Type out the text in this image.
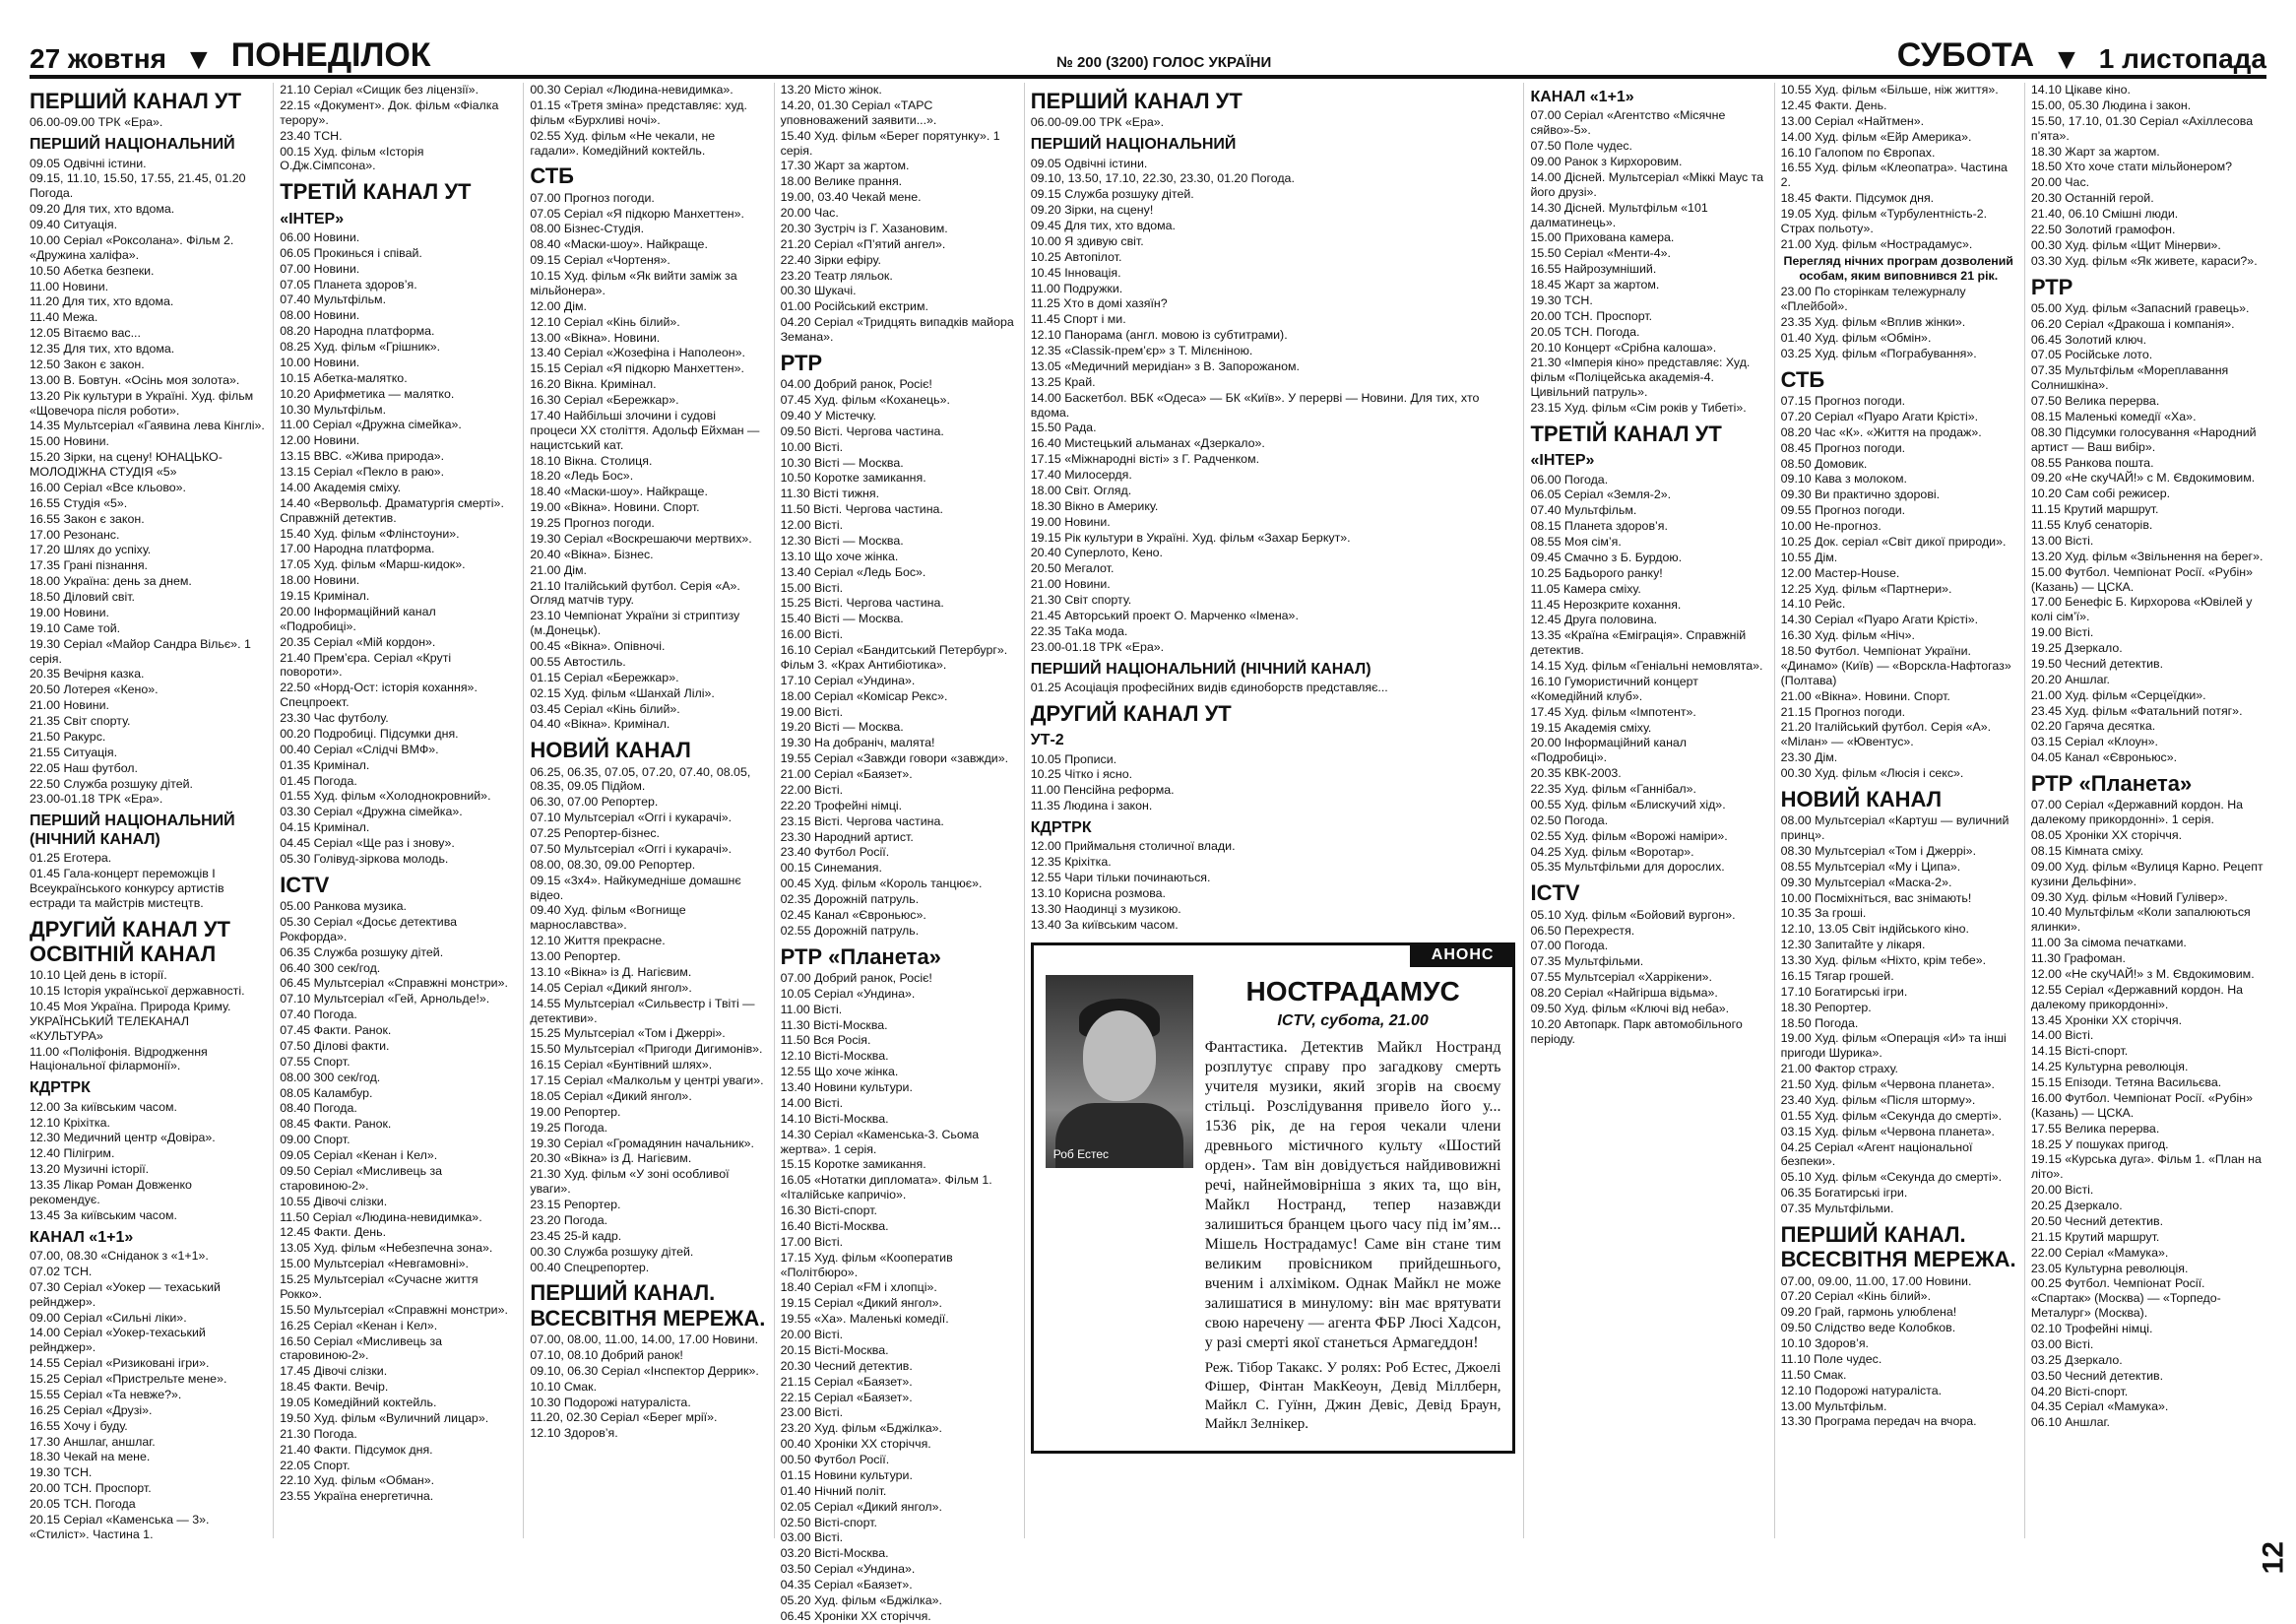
27 жовтня ▼ ПОНЕДІЛОК	№ 200 (3200) ГОЛОС УКРАЇНИ	СУБОТА ▼ 1 листопада
ПЕРШИЙ КАНАЛ УТ
06.00-09.00 ТРК «Ера».
ПЕРШИЙ НАЦІОНАЛЬНИЙ
09.05 Одвічні істини.
09.15, 11.10, 15.50, 17.55, 21.45, 01.20 Погода.
09.20 Для тих, хто вдома.
09.40 Ситуація.
10.00 Серіал «Роксолана». Фільм 2. «Дружина халіфа».
10.50 Абетка безпеки.
11.00 Новини.
11.20 Для тих, хто вдома.
11.40 Межа.
12.05 Вітаємо вас...
12.35 Для тих, хто вдома.
12.50 Закон є закон.
13.00 В. Бовтун. «Осінь моя золота».
13.20 Рік культури в Україні. Худ. фільм «Щовечора після роботи».
14.35 Мультсеріал «Гаявина лева Кінглі».
15.00 Новини.
15.20 Зірки, на сцену! ЮНАЦЬКО-МОЛОДІЖНА СТУДІЯ «5»
16.00 Серіал «Все кльово».
16.55 Студія «5».
16.55 Закон є закон.
17.00 Резонанс.
17.20 Шлях до успіху.
17.35 Грані пізнання.
18.00 Україна: день за днем.
18.50 Діловий світ.
19.00 Новини.
19.10 Саме той.
19.30 Серіал «Майор Сандра Вільє». 1 серія.
20.35 Вечірня казка.
20.50 Лотерея «Кено».
21.00 Новини.
21.35 Світ спорту.
21.50 Ракурс.
21.55 Ситуація.
22.05 Наш футбол.
22.50 Служба розшуку дітей.
23.00-01.18 ТРК «Ера».
ПЕРШИЙ НАЦІОНАЛЬНИЙ (НІЧНИЙ КАНАЛ)
01.25 Еготера.
01.45 Гала-концерт переможців І Всеукраїнського конкурсу артистів естради та майстрів мистецтв.
ДРУГИЙ КАНАЛ УТ ОСВІТНІЙ КАНАЛ
10.10 Цей день в історії.
10.15 Історія української державності.
10.45 Моя Україна. Природа Криму. УКРАЇНСЬКИЙ ТЕЛЕКАНАЛ «КУЛЬТУРА»
11.00 «Поліфонія. Відродження Національної філармонії».
КДРТРК
12.00 За київським часом.
12.10 Кріхітка.
12.30 Медичний центр «Довіра».
12.40 Пілігрим.
13.20 Музичні історії.
13.35 Лікар Роман Довженко рекомендує.
13.45 За київським часом.
КАНАЛ «1+1»
07.00, 08.30 «Сніданок з «1+1».
07.02 ТСН.
07.30 Серіал «Уокер — техаський рейнджер».
09.00 Серіал «Сильні ліки».
14.00 Серіал «Уокер-техаський рейнджер».
14.55 Серіал «Ризиковані ігри».
15.25 Серіал «Пристрельте мене».
15.55 Серіал «Та невже?».
16.25 Серіал «Друзі».
16.55 Хочу і буду.
17.30 Аншлаг, аншлаг.
18.30 Чекай на мене.
19.30 ТСН.
20.00 ТСН. Проспорт.
20.05 ТСН. Погода
20.15 Серіал «Каменська — 3». «Стиліст». Частина 1.
21.10 Серіал «Сищик без ліцензії».
22.15 «Документ». Док. фільм «Фіалка терору».
23.40 ТСН.
00.15 Худ. фільм «Історія О.Дж.Сімпсона».
ТРЕТІЙ КАНАЛ УТ
«ІНТЕР»
06.00 Новини.
06.05 Прокинься і співай.
07.00 Новини.
07.05 Планета здоров’я.
07.40 Мультфільм.
08.00 Новини.
08.20 Народна платформа.
08.25 Худ. фільм «Грішник».
10.00 Новини.
10.15 Абетка-малятко.
10.20 Арифметика — малятко.
10.30 Мультфільм.
11.00 Серіал «Дружна сімейка».
12.00 Новини.
13.15 ВВС. «Жива природа».
13.15 Серіал «Пекло в раю».
14.00 Академія сміху.
14.40 «Вервольф. Драматургія смерті». Справжній детектив.
15.40 Худ. фільм «Флінстоуни».
17.00 Народна платформа.
17.05 Худ. фільм «Марш-кидок».
18.00 Новини.
19.15 Кримінал.
20.00 Інформаційний канал «Подробиці».
20.35 Серіал «Мій кордон».
21.40 Прем’єра. Серіал «Круті повороти».
22.50 «Норд-Ост: історія кохання». Спецпроект.
23.30 Час футболу.
00.20 Подробиці. Підсумки дня.
00.40 Серіал «Слідчі ВМФ».
01.35 Кримінал.
01.45 Погода.
01.55 Худ. фільм «Холоднокровний».
03.30 Серіал «Дружна сімейка».
04.15 Кримінал.
04.45 Серіал «Ще раз і знову».
05.30 Голівуд-зіркова молодь.
ICTV
05.00 Ранкова музика.
05.30 Серіал «Досьє детектива Рокфорда».
06.35 Служба розшуку дітей.
06.40 300 сек/год.
06.45 Мультсеріал «Справжні монстри».
07.10 Мультсеріал «Гей, Арнольде!».
07.40 Погода.
07.45 Факти. Ранок.
07.50 Ділові факти.
07.55 Спорт.
08.00 300 сек/год.
08.05 Каламбур.
08.40 Погода.
08.45 Факти. Ранок.
09.00 Спорт.
09.05 Серіал «Кенан і Кел».
09.50 Серіал «Мисливець за старовиною-2».
10.55 Дівочі слізки.
11.50 Серіал «Людина-невидимка».
12.45 Факти. День.
13.05 Худ. фільм «Небезпечна зона».
15.00 Мультсеріал «Невгамовні».
15.25 Мультсеріал «Сучасне життя Рокко».
15.50 Мультсеріал «Справжні монстри».
16.25 Серіал «Кенан і Кел».
16.50 Серіал «Мисливець за старовиною-2».
17.45 Дівочі слізки.
18.45 Факти. Вечір.
19.05 Комедійний коктейль.
19.50 Худ. фільм «Вуличний лицар».
21.30 Погода.
21.40 Факти. Підсумок дня.
22.05 Спорт.
22.10 Худ. фільм «Обман».
23.55 Україна енергетична.
00.30 Серіал «Людина-невидимка».
01.15 «Третя зміна» представляє: худ. фільм «Бурхливі ночі».
02.55 Худ. фільм «Не чекали, не гадали». Комедійний коктейль.
СТБ
07.00 Прогноз погоди.
07.05 Серіал «Я підкорю Манхеттен».
08.00 Бізнес-Студія.
08.40 «Маски-шоу». Найкраще.
09.15 Серіал «Чортеня».
10.15 Худ. фільм «Як вийти заміж за мільйонера».
12.00 Дім.
12.10 Серіал «Кінь білий».
13.00 «Вікна». Новини.
13.40 Серіал «Жозефіна і Наполеон».
15.15 Серіал «Я підкорю Манхеттен».
16.20 Вікна. Кримінал.
16.30 Серіал «Бережкар».
17.40 Найбільші злочини і судові процеси ХХ століття. Адольф Ейхман — нацистський кат.
18.10 Вікна. Столиця.
18.20 «Ледь Бос».
18.40 «Маски-шоу». Найкраще.
19.00 «Вікна». Новини. Спорт.
19.25 Прогноз погоди.
19.30 Серіал «Воскрешаючи мертвих».
20.40 «Вікна». Бізнес.
21.00 Дім.
21.10 Італійський футбол. Серія «А». Огляд матчів туру.
23.10 Чемпіонат України зі стриптизу (м.Донецьк).
00.45 «Вікна». Опівночі.
00.55 Автостиль.
01.15 Серіал «Бережкар».
02.15 Худ. фільм «Шанхай Лілі».
03.45 Серіал «Кінь білий».
04.40 «Вікна». Кримінал.
НОВИЙ КАНАЛ
06.25, 06.35, 07.05, 07.20, 07.40, 08.05, 08.35, 09.05 Підйом.
06.30, 07.00 Репортер.
07.10 Мультсеріал «Оггі і кукарачі».
07.25 Репортер-бізнес.
07.50 Мультсеріал «Оггі і кукарачі».
08.00, 08.30, 09.00 Репортер.
09.15 «3х4». Найкумедніше домашнє відео.
09.40 Худ. фільм «Вогнище марнославства».
12.10 Життя прекрасне.
13.00 Репортер.
13.10 «Вікна» із Д. Нагієвим.
14.05 Серіал «Дикий янгол».
14.55 Мультсеріал «Сильвестр і Твіті — детективи».
15.25 Мультсеріал «Том і Джеррі».
15.50 Мультсеріал «Пригоди Дигимонів».
16.15 Серіал «Бунтівний шлях».
17.15 Серіал «Малкольм у центрі уваги».
18.05 Серіал «Дикий янгол».
19.00 Репортер.
19.25 Погода.
19.30 Серіал «Громадянин начальник».
20.30 «Вікна» із Д. Нагієвим.
21.30 Худ. фільм «У зоні особливої уваги».
23.15 Репортер.
23.20 Погода.
23.45 25-й кадр.
00.30 Служба розшуку дітей.
00.40 Спецрепортер.
ПЕРШИЙ КАНАЛ. ВСЕСВІТНЯ МЕРЕЖА.
07.00, 08.00, 11.00, 14.00, 17.00 Новини.
07.10, 08.10 Добрий ранок!
09.10, 06.30 Серіал «Інспектор Деррик».
10.10 Смак.
10.30 Подорожі натураліста.
11.20, 02.30 Серіал «Берег мрії».
12.10 Здоров’я.
13.20 Місто жінок.
14.20, 01.30 Серіал «ТАРС уповноважений заявити...».
15.40 Худ. фільм «Берег порятунку». 1 серія.
17.30 Жарт за жартом.
18.00 Велике прання.
19.00, 03.40 Чекай мене.
20.00 Час.
20.30 Зустріч із Г. Хазановим.
21.20 Серіал «П’ятий ангел».
22.40 Зірки ефіру.
23.20 Театр ляльок.
00.30 Шукачі.
01.00 Російський екстрим.
04.20 Серіал «Тридцять випадків майора Земана».
РТР
04.00 Добрий ранок, Росіє!
07.45 Худ. фільм «Коханець».
09.40 У Містечку.
09.50 Вісті. Чергова частина.
10.00 Вісті.
10.30 Вісті — Москва.
10.50 Коротке замикання.
11.30 Вісті тижня.
11.50 Вісті. Чергова частина.
12.00 Вісті.
12.30 Вісті — Москва.
13.10 Що хоче жінка.
13.40 Серіал «Ледь Бос».
15.00 Вісті.
15.25 Вісті. Чергова частина.
15.40 Вісті — Москва.
16.00 Вісті.
16.10 Серіал «Бандитський Петербург». Фільм 3. «Крах Антибіотика».
17.10 Серіал «Ундина».
18.00 Серіал «Комісар Рекс».
19.00 Вісті.
19.20 Вісті — Москва.
19.30 На добраніч, малята!
19.55 Серіал «Завжди говори «завжди».
21.00 Серіал «Баязет».
22.00 Вісті.
22.20 Трофейні німці.
23.15 Вісті. Чергова частина.
23.30 Народний артист.
23.40 Футбол Росії.
00.15 Синемания.
00.45 Худ. фільм «Король танцює».
02.35 Дорожній патруль.
02.45 Канал «Євроньюс».
02.55 Дорожній патруль.
РТР «Планета»
07.00 Добрий ранок, Росіє!
10.05 Серіал «Ундина».
11.00 Вісті.
11.30 Вісті-Москва.
11.50 Вся Росія.
12.10 Вісті-Москва.
12.55 Що хоче жінка.
13.40 Новини культури.
14.00 Вісті.
14.10 Вісті-Москва.
14.30 Серіал «Каменська-3. Сьома жертва». 1 серія.
15.15 Коротке замикання.
16.05 «Нотатки дипломата». Фільм 1. «Італійське капричіо».
16.30 Вісті-спорт.
16.40 Вісті-Москва.
17.00 Вісті.
17.15 Худ. фільм «Кооператив «Політбюро».
18.40 Серіал «FM і хлопці».
19.15 Серіал «Дикий янгол».
19.55 «Ха». Маленькі комедії.
20.00 Вісті.
20.15 Вісті-Москва.
20.30 Чесний детектив.
21.15 Серіал «Баязет».
22.15 Серіал «Баязет».
23.00 Вісті.
23.20 Худ. фільм «Бджілка».
00.40 Хроніки ХХ сторіччя.
00.50 Футбол Росії.
01.15 Новини культури.
01.40 Нічний політ.
02.05 Серіал «Дикий янгол».
02.50 Вісті-спорт.
03.00 Вісті.
03.20 Вісті-Москва.
03.50 Серіал «Ундина».
04.35 Серіал «Баязет».
05.20 Худ. фільм «Бджілка».
06.45 Хроніки ХХ сторіччя.
ПЕРШИЙ КАНАЛ УТ
06.00-09.00 ТРК «Ера».
ПЕРШИЙ НАЦІОНАЛЬНИЙ
09.05 Одвічні істини.
09.10, 13.50, 17.10, 22.30, 23.30, 01.20 Погода.
09.15 Служба розшуку дітей.
09.20 Зірки, на сцену!
09.45 Для тих, хто вдома.
10.00 Я здивую світ.
10.25 Автопілот.
10.45 Інновація.
11.00 Подружки.
11.25 Хто в домі хазяїн?
11.45 Спорт і ми.
12.10 Панорама (англ. мовою із субтитрами).
12.35 «Classik-прем’єр» з Т. Мілєніною.
13.05 «Медичний меридіан» з В. Запорожаном.
13.25 Край.
14.00 Баскетбол. ВБК «Одеса» — БК «Київ». У перерві — Новини. Для тих, хто вдома.
15.50 Рада.
16.40 Мистецький альманах «Дзеркало».
17.15 «Міжнародні вісті» з Г. Радченком.
17.40 Милосердя.
18.00 Світ. Огляд.
18.30 Вікно в Америку.
19.00 Новини.
19.15 Рік культури в Україні. Худ. фільм «Захар Беркут».
20.40 Суперлото, Кено.
20.50 Мегалот.
21.00 Новини.
21.30 Світ спорту.
21.45 Авторський проект О. Марченко «Імена».
22.35 ТаКа мода.
23.00-01.18 ТРК «Ера».
ПЕРШИЙ НАЦІОНАЛЬНИЙ (НІЧНИЙ КАНАЛ)
01.25 Асоціація професійних видів єдиноборств представляє...
ДРУГИЙ КАНАЛ УТ
УТ-2
10.05 Прописи.
10.25 Чітко і ясно.
11.00 Пенсійна реформа.
11.35 Людина і закон.
КДРТРК
12.00 Приймальня столичної влади.
12.35 Кріхітка.
12.55 Чари тільки починаються.
13.10 Корисна розмова.
13.30 Наодинці з музикою.
13.40 За київським часом.
АНОНС
Роб Естес
НОСТРАДАМУС
ICTV, субота, 21.00

Фантастика. Детектив Майкл Ностранд розплутує справу про загадкову смерть учителя музики, який згорів на своєму стільці. Розслідування привело його у... 1536 рік, де на героя чекали члени древнього містичного культу «Шостий орден». Там він довідується найдивовижні речі, найнеймовірніша з яких та, що він, Майкл Ностранд, тепер назавжди залишиться бранцем цього часу під ім’ям... Мішель Нострадамус! Саме він стане тим великим провісником прийдешнього, вченим і алхіміком. Однак Майкл не може залишатися в минулому: він має врятувати свою наречену — агента ФБР Люсі Хадсон, у разі смерті якої станеться Армагеддон!

Реж. Тібор Такакс. У ролях: Роб Естес, Джоелі Фішер, Фінтан МакКеоун, Девід Міллберн, Майкл С. Гуїнн, Джин Девіс, Девід Браун, Майкл Зелнікер.

КАНАЛ «1+1»
07.00 Серіал «Агентство «Місячне сяйво»-5».
07.50 Поле чудес.
09.00 Ранок з Кирхоровим.
14.00 Дісней. Мультсеріал «Міккі Маус та його друзі».
14.30 Дісней. Мультфільм «101 далматинець».
15.00 Прихована камера.
15.50 Серіал «Менти-4».
16.55 Найрозумніший.
18.45 Жарт за жартом.
19.30 ТСН.
20.00 ТСН. Проспорт.
20.05 ТСН. Погода.
20.10 Концерт «Срібна калоша».
21.30 «Імперія кіно» представляє: Худ. фільм «Поліцейська академія-4. Цивільний патруль».
23.15 Худ. фільм «Сім років у Тибеті».
ТРЕТІЙ КАНАЛ УТ
«ІНТЕР»
06.00 Погода.
06.05 Серіал «Земля-2».
07.40 Мультфільм.
08.15 Планета здоров’я.
08.55 Моя сім’я.
09.45 Смачно з Б. Бурдою.
10.25 Бадьорого ранку!
11.05 Камера сміху.
11.45 Нерозкрите кохання.
12.45 Друга половина.
13.35 «Країна «Еміграція». Справжній детектив.
14.15 Худ. фільм «Геніальні немовлята».
16.10 Гумористичний концерт «Комедійний клуб».
17.45 Худ. фільм «Імпотент».
19.15 Академія сміху.
20.00 Інформаційний канал «Подробиці».
20.35 КВК-2003.
22.35 Худ. фільм «Ганнібал».
00.55 Худ. фільм «Блискучий хід».
02.50 Погода.
02.55 Худ. фільм «Ворожі наміри».
04.25 Худ. фільм «Воротар».
05.35 Мультфільми для дорослих.
ICTV
05.10 Худ. фільм «Бойовий вургон».
06.50 Перехрестя.
07.00 Погода.
07.35 Мультфільми.
07.55 Мультсеріал «Харрікени».
08.20 Серіал «Найгірша відьма».
09.50 Худ. фільм «Ключі від неба».
10.20 Автопарк. Парк автомобільного періоду.
10.55 Худ. фільм «Більше, ніж життя».
12.45 Факти. День.
13.00 Серіал «Найтмен».
14.00 Худ. фільм «Ейр Америка».
16.10 Галопом по Європах.
16.55 Худ. фільм «Клеопатра». Частина 2.
18.45 Факти. Підсумок дня.
19.05 Худ. фільм «Турбулентність-2. Страх польоту».
21.00 Худ. фільм «Нострадамус».
Перегляд нічних програм дозволений особам, яким виповнився 21 рік.
23.00 По сторінкам тележурналу «Плейбой».
23.35 Худ. фільм «Вплив жінки».
01.40 Худ. фільм «Обмін».
03.25 Худ. фільм «Пограбування».
СТБ
07.15 Прогноз погоди.
07.20 Серіал «Пуаро Агати Крісті».
08.20 Час «К». «Життя на продаж».
08.45 Прогноз погоди.
08.50 Домовик.
09.10 Кава з молоком.
09.30 Ви практично здорові.
09.55 Прогноз погоди.
10.00 Не-прогноз.
10.25 Док. серіал «Світ дикої природи».
10.55 Дім.
12.00 Мастер-House.
12.25 Худ. фільм «Партнери».
14.10 Рейс.
14.30 Серіал «Пуаро Агати Крісті».
16.30 Худ. фільм «Ніч».
18.50 Футбол. Чемпіонат України. «Динамо» (Київ) — «Ворскла-Нафтогаз» (Полтава)
21.00 «Вікна». Новини. Спорт.
21.15 Прогноз погоди.
21.20 Італійський футбол. Серія «А». «Мілан» — «Ювентус».
23.30 Дім.
00.30 Худ. фільм «Люсія і секс».
НОВИЙ КАНАЛ
08.00 Мультсеріал «Картуш — вуличний принц».
08.30 Мультсеріал «Том і Джеррі».
08.55 Мультсеріал «Му і Ципа».
09.30 Мультсеріал «Маска-2».
10.00 Посміхніться, вас знімають!
10.35 За гроші.
12.10, 13.05 Світ індійського кіно.
12.30 Запитайте у лікаря.
13.30 Худ. фільм «Ніхто, крім тебе».
16.15 Тягар грошей.
17.10 Богатирські ігри.
18.30 Репортер.
18.50 Погода.
19.00 Худ. фільм «Операція «И» та інші пригоди Шурика».
21.00 Фактор страху.
21.50 Худ. фільм «Червона планета».
23.40 Худ. фільм «Після шторму».
01.55 Худ. фільм «Секунда до смерті».
03.15 Худ. фільм «Червона планета».
04.25 Серіал «Агент національної безпеки».
05.10 Худ. фільм «Секунда до смерті».
06.35 Богатирські ігри.
07.35 Мультфільми.
ПЕРШИЙ КАНАЛ. ВСЕСВІТНЯ МЕРЕЖА.
07.00, 09.00, 11.00, 17.00 Новини.
07.20 Серіал «Кінь білий».
09.20 Грай, гармонь улюблена!
09.50 Слідство веде Колобков.
10.10 Здоров’я.
11.10 Поле чудес.
11.50 Смак.
12.10 Подорожі натураліста.
13.00 Мультфільм.
13.30 Програма передач на вчора.
14.10 Цікаве кіно.
15.00, 05.30 Людина і закон.
15.50, 17.10, 01.30 Серіал «Ахіллесова п’ята».
18.30 Жарт за жартом.
18.50 Хто хоче стати мільйонером?
20.00 Час.
20.30 Останній герой.
21.40, 06.10 Смішні люди.
22.50 Золотий грамофон.
00.30 Худ. фільм «Щит Мінерви».
03.30 Худ. фільм «Як живете, караси?».
РТР
05.00 Худ. фільм «Запасний гравець».
06.20 Серіал «Дракоша і компанія».
06.45 Золотий ключ.
07.05 Російське лото.
07.35 Мультфільм «Мореплавання Солнишкіна».
07.50 Велика перерва.
08.15 Маленькі комедії «Ха».
08.30 Підсумки голосування «Народний артист — Ваш вибір».
08.55 Ранкова пошта.
09.20 «Не скуЧАЙ!» с М. Євдокимовим.
10.20 Сам собі режисер.
11.15 Крутий маршрут.
11.55 Клуб сенаторів.
13.00 Вісті.
13.20 Худ. фільм «Звільнення на берег».
15.00 Футбол. Чемпіонат Росії. «Рубін» (Казань) — ЦСКА.
17.00 Бенефіс Б. Кирхорова «Ювілей у колі сім’ї».
19.00 Вісті.
19.25 Дзеркало.
19.50 Чесний детектив.
20.20 Аншлаг.
21.00 Худ. фільм «Серцеїдки».
23.45 Худ. фільм «Фатальний потяг».
02.20 Гаряча десятка.
03.15 Серіал «Клоун».
04.05 Канал «Євроньюс».
РТР «Планета»
07.00 Серіал «Державний кордон. На далекому прикордонні». 1 серія.
08.05 Хроніки ХХ сторіччя.
08.15 Кімната сміху.
09.00 Худ. фільм «Вулиця Карно. Рецепт кузини Дельфіни».
09.30 Худ. фільм «Новий Гулівер».
10.40 Мультфільм «Коли запалюються ялинки».
11.00 За сімома печатками.
11.30 Графоман.
12.00 «Не скуЧАЙ!» з М. Євдокимовим.
12.55 Серіал «Державний кордон. На далекому прикордонні».
13.45 Хроніки ХХ сторіччя.
14.00 Вісті.
14.15 Вісті-спорт.
14.25 Культурна революція.
15.15 Епізоди. Тетяна Васильєва.
16.00 Футбол. Чемпіонат Росії. «Рубін» (Казань) — ЦСКА.
17.55 Велика перерва.
18.25 У пошуках пригод.
19.15 «Курська дуга». Фільм 1. «План на літо».
20.00 Вісті.
20.25 Дзеркало.
20.50 Чесний детектив.
21.15 Крутий маршрут.
22.00 Серіал «Мамука».
23.05 Культурна революція.
00.25 Футбол. Чемпіонат Росії. «Спартак» (Москва) — «Торпедо-Металург» (Москва).
02.10 Трофейні німці.
03.00 Вісті.
03.25 Дзеркало.
03.50 Чесний детектив.
04.20 Вісті-спорт.
04.35 Серіал «Мамука».
06.10 Аншлаг.
12
